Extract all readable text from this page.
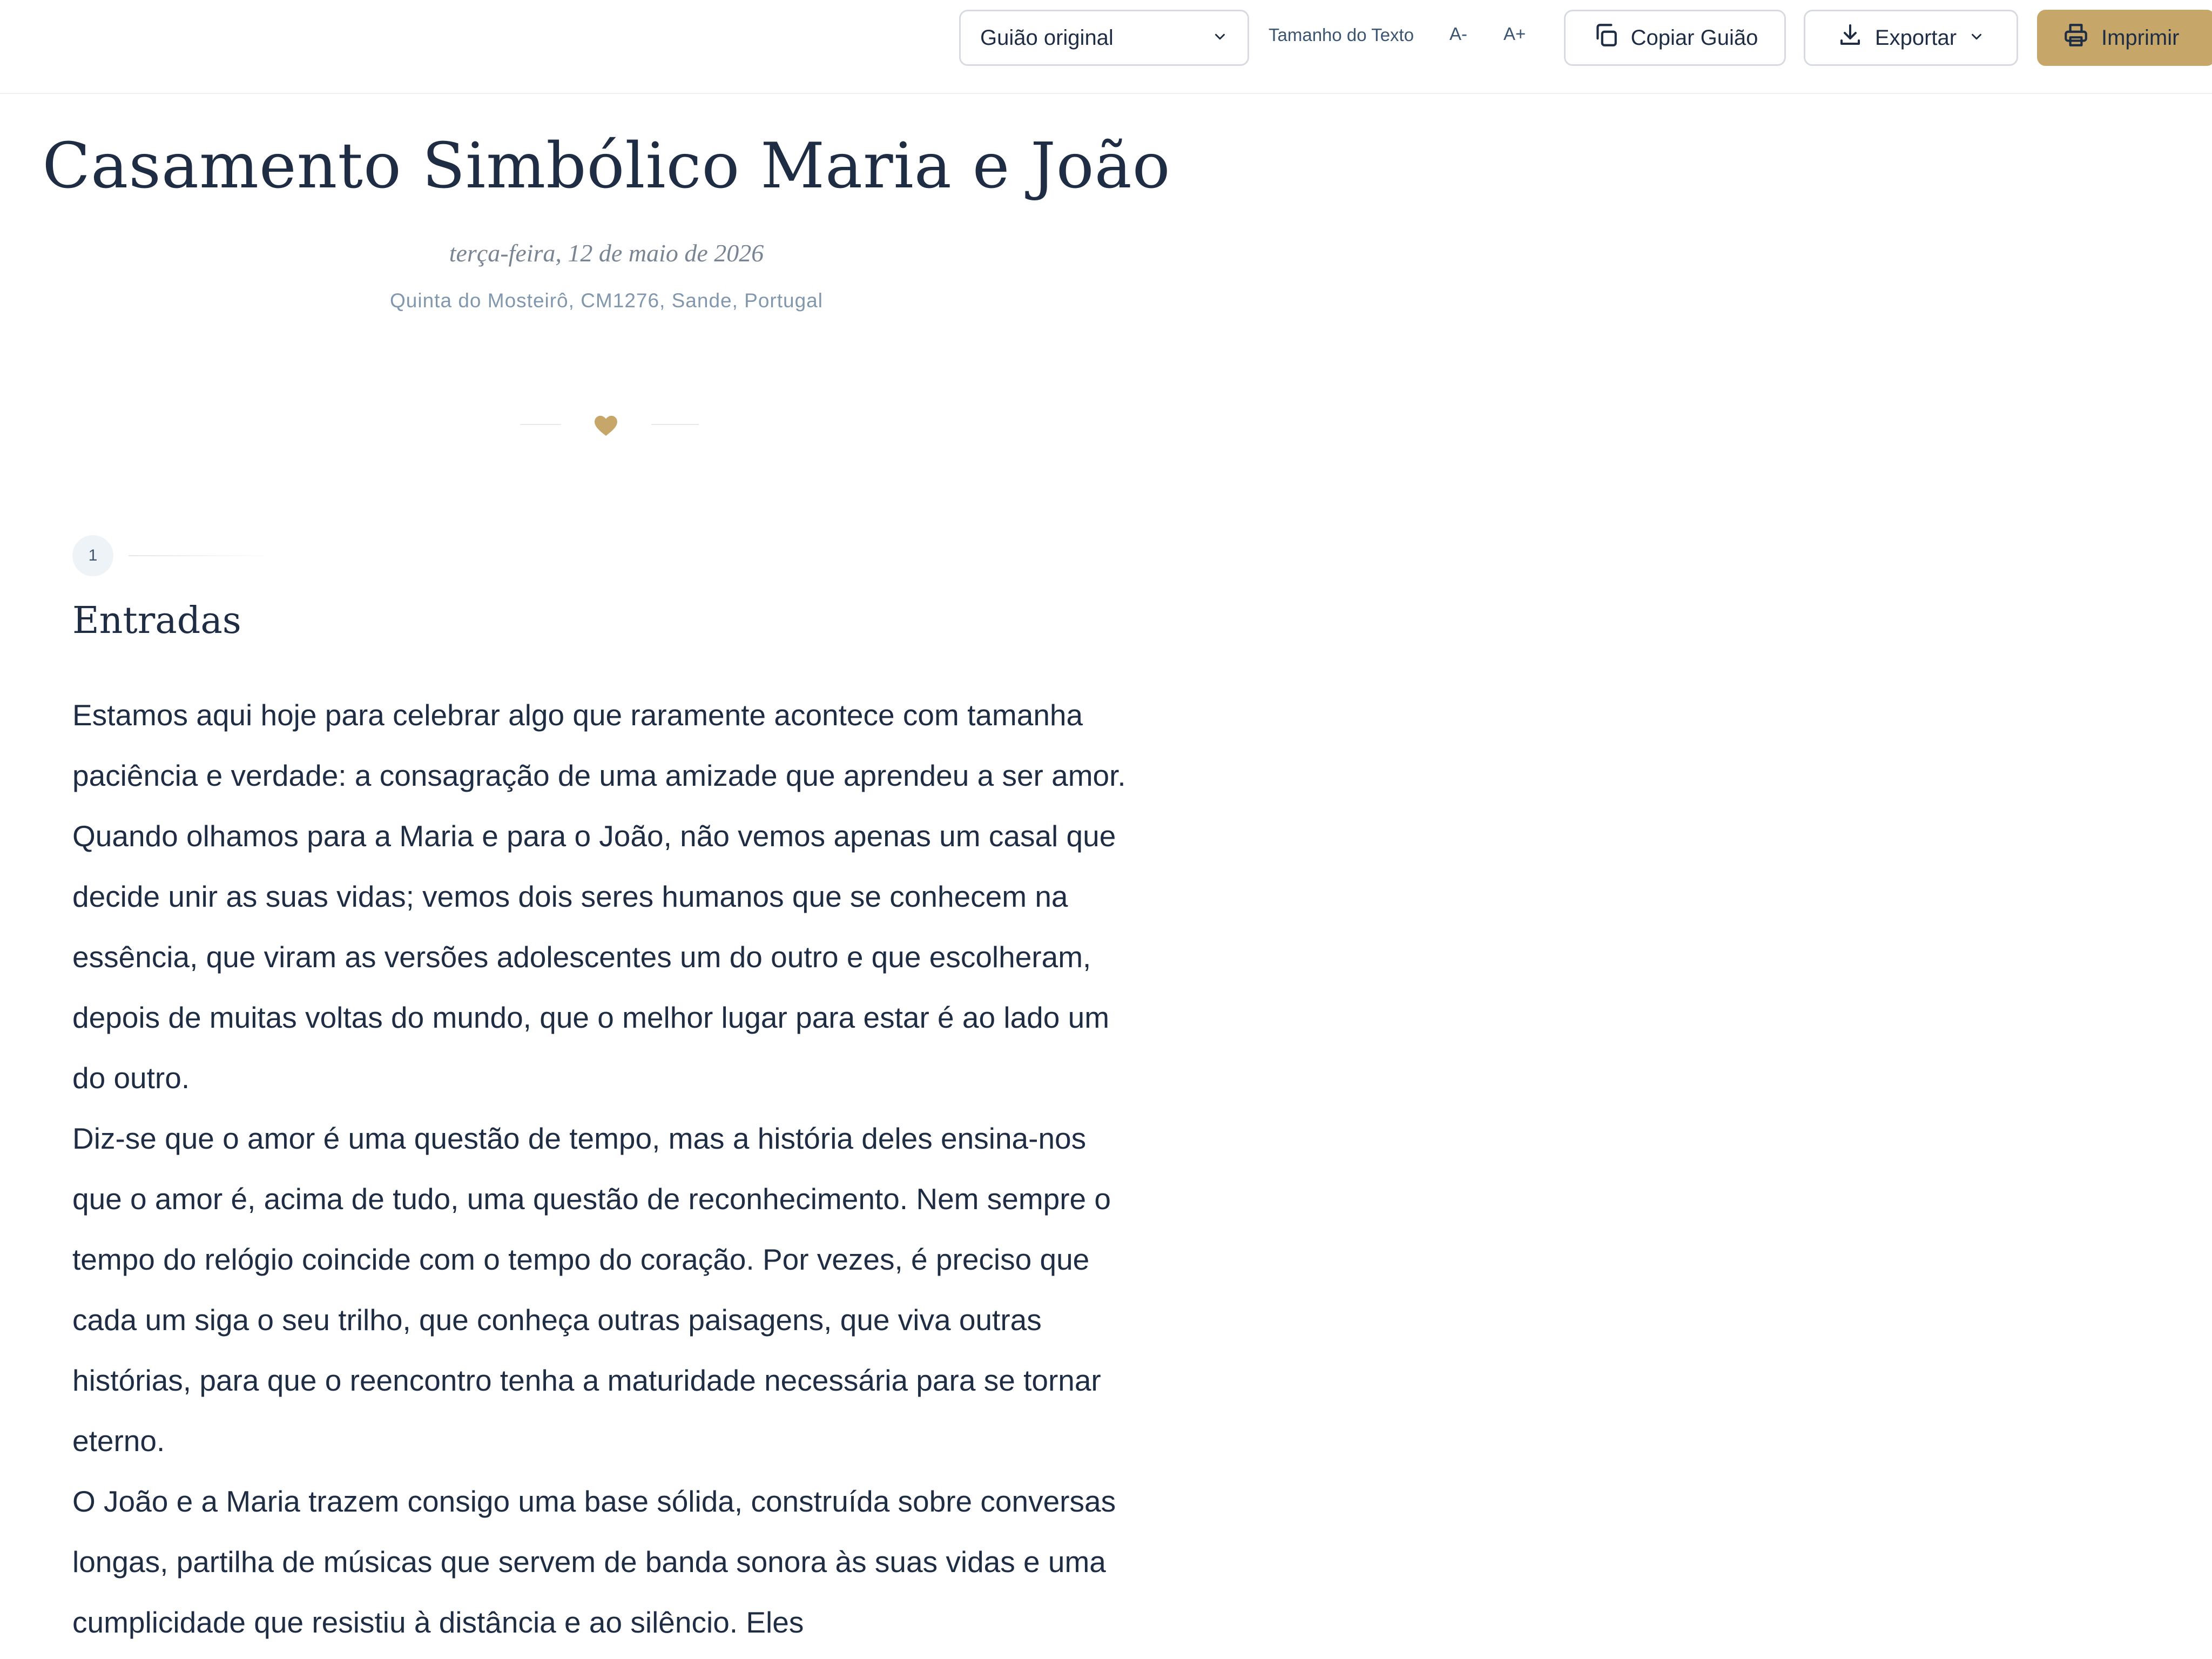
Guião original	Tamanho do Texto A- A+	Copiar Guião	Exportar	Imprimir
Casamento Simbólico Maria e João
terça-feira, 12 de maio de 2026
Quinta do Mosteirô, CM1276, Sande, Portugal
1
Entradas

Estamos aqui hoje para celebrar algo que raramente acontece com tamanha paciência e verdade: a consagração de uma amizade que aprendeu a ser amor. Quando olhamos para a Maria e para o João, não vemos apenas um casal que decide unir as suas vidas; vemos dois seres humanos que se conhecem na essência, que viram as versões adolescentes um do outro e que escolheram, depois de muitas voltas do mundo, que o melhor lugar para estar é ao lado um do outro.

Diz-se que o amor é uma questão de tempo, mas a história deles ensina-nos que o amor é, acima de tudo, uma questão de reconhecimento. Nem sempre o tempo do relógio coincide com o tempo do coração. Por vezes, é preciso que cada um siga o seu trilho, que conheça outras paisagens, que viva outras histórias, para que o reencontro tenha a maturidade necessária para se tornar eterno.

O João e a Maria trazem consigo uma base sólida, construída sobre conversas longas, partilha de músicas que servem de banda sonora às suas vidas e uma cumplicidade que resistiu à distância e ao silêncio. Eles
